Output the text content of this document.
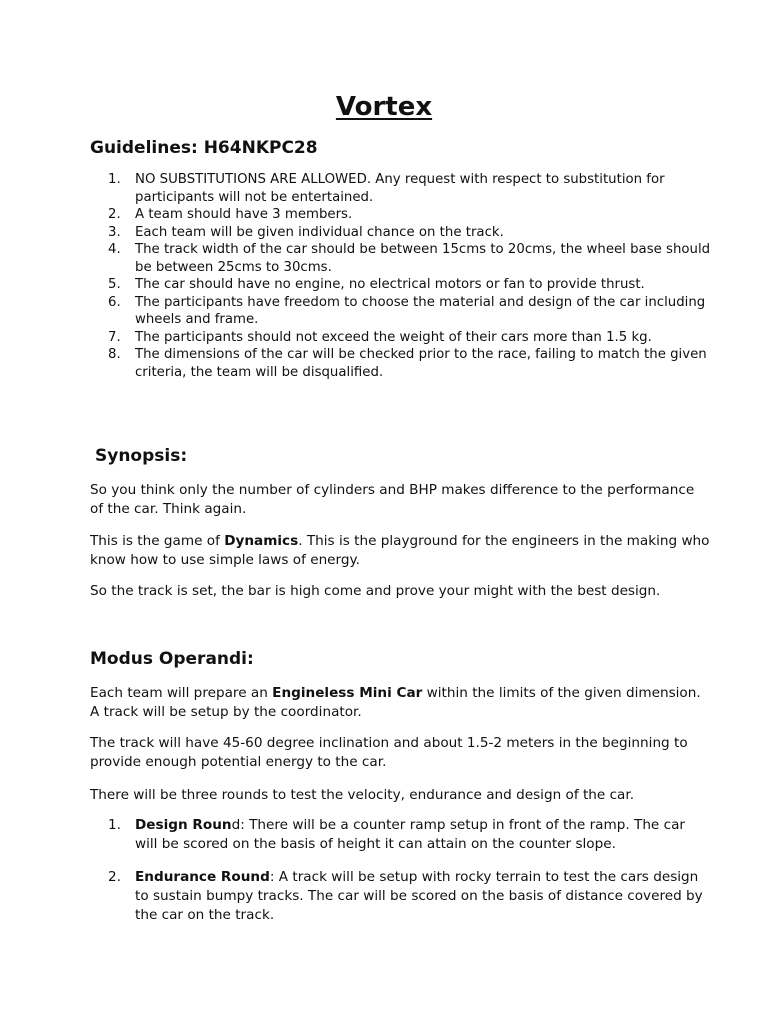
Vortex
Guidelines: H64NKPC28
1. NO SUBSTITUTIONS ARE ALLOWED. Any request with respect to substitution for participants will not be entertained.
2. A team should have 3 members.
3. Each team will be given individual chance on the track.
4. The track width of the car should be between 15cms to 20cms, the wheel base should be between 25cms to 30cms.
5. The car should have no engine, no electrical motors or fan to provide thrust.
6. The participants have freedom to choose the material and design of the car including wheels and frame.
7. The participants should not exceed the weight of their cars more than 1.5 kg.
8. The dimensions of the car will be checked prior to the race, failing to match the given criteria, the team will be disqualified.
Synopsis:

So you think only the number of cylinders and BHP makes difference to the performance of the car. Think again.

This is the game of Dynamics. This is the playground for the engineers in the making who know how to use simple laws of energy.

So the track is set, the bar is high come and prove your might with the best design.

Modus Operandi:

Each team will prepare an Engineless Mini Car within the limits of the given dimension. A track will be setup by the coordinator.

The track will have 45-60 degree inclination and about 1.5-2 meters in the beginning to provide enough potential energy to the car.

There will be three rounds to test the velocity, endurance and design of the car.

1. Design Round: There will be a counter ramp setup in front of the ramp. The car will be scored on the basis of height it can attain on the counter slope.
2. Endurance Round: A track will be setup with rocky terrain to test the cars design to sustain bumpy tracks. The car will be scored on the basis of distance covered by the car on the track.
